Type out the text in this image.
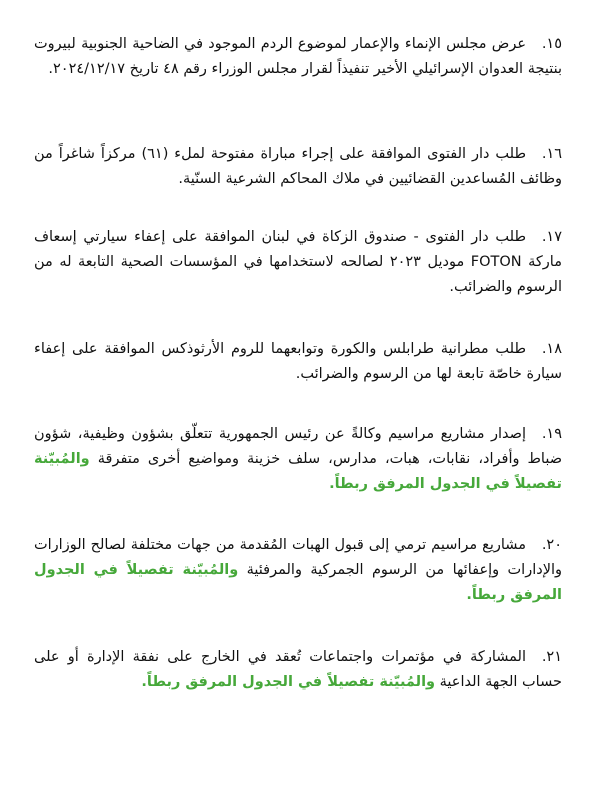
١٥.عرض مجلس الإنماء والإعمار لموضوع الردم الموجود في الضاحية الجنوبية لبيروت بنتيجة العدوان الإسرائيلي الأخير تنفيذاً لقرار مجلس الوزراء رقم ٤٨ تاريخ ٢٠٢٤/١٢/١٧.
١٦.طلب دار الفتوى الموافقة على إجراء مباراة مفتوحة لملء (٦١) مركزاً شاغراً من وظائف المُساعدين القضائيين في ملاك المحاكم الشرعية السنّية.
١٧.طلب دار الفتوى - صندوق الزكاة في لبنان الموافقة على إعفاء سيارتي إسعاف ماركة FOTON موديل ٢٠٢٣ لصالحه لاستخدامها في المؤسسات الصحية التابعة له من الرسوم والضرائب.
١٨.طلب مطرانية طرابلس والكورة وتوابعهما للروم الأرثوذكس الموافقة على إعفاء سيارة خاصّة تابعة لها من الرسوم والضرائب.
١٩.إصدار مشاريع مراسيم وكالةً عن رئيس الجمهورية تتعلّق بشؤون وظيفية، شؤون ضباط وأفراد، نقابات، هبات، مدارس، سلف خزينة ومواضيع أخرى متفرقة والمُبيّنة تفصيلاً في الجدول المرفق ربطاً.
٢٠.مشاريع مراسيم ترمي إلى قبول الهبات المُقدمة من جهات مختلفة لصالح الوزارات والإدارات وإعفائها من الرسوم الجمركية والمرفئية والمُبيّنة تفصيلاً في الجدول المرفق ربطاً.
٢١.المشاركة في مؤتمرات واجتماعات تُعقد في الخارج على نفقة الإدارة أو على حساب الجهة الداعية والمُبيّنة تفصيلاً في الجدول المرفق ربطاً.
